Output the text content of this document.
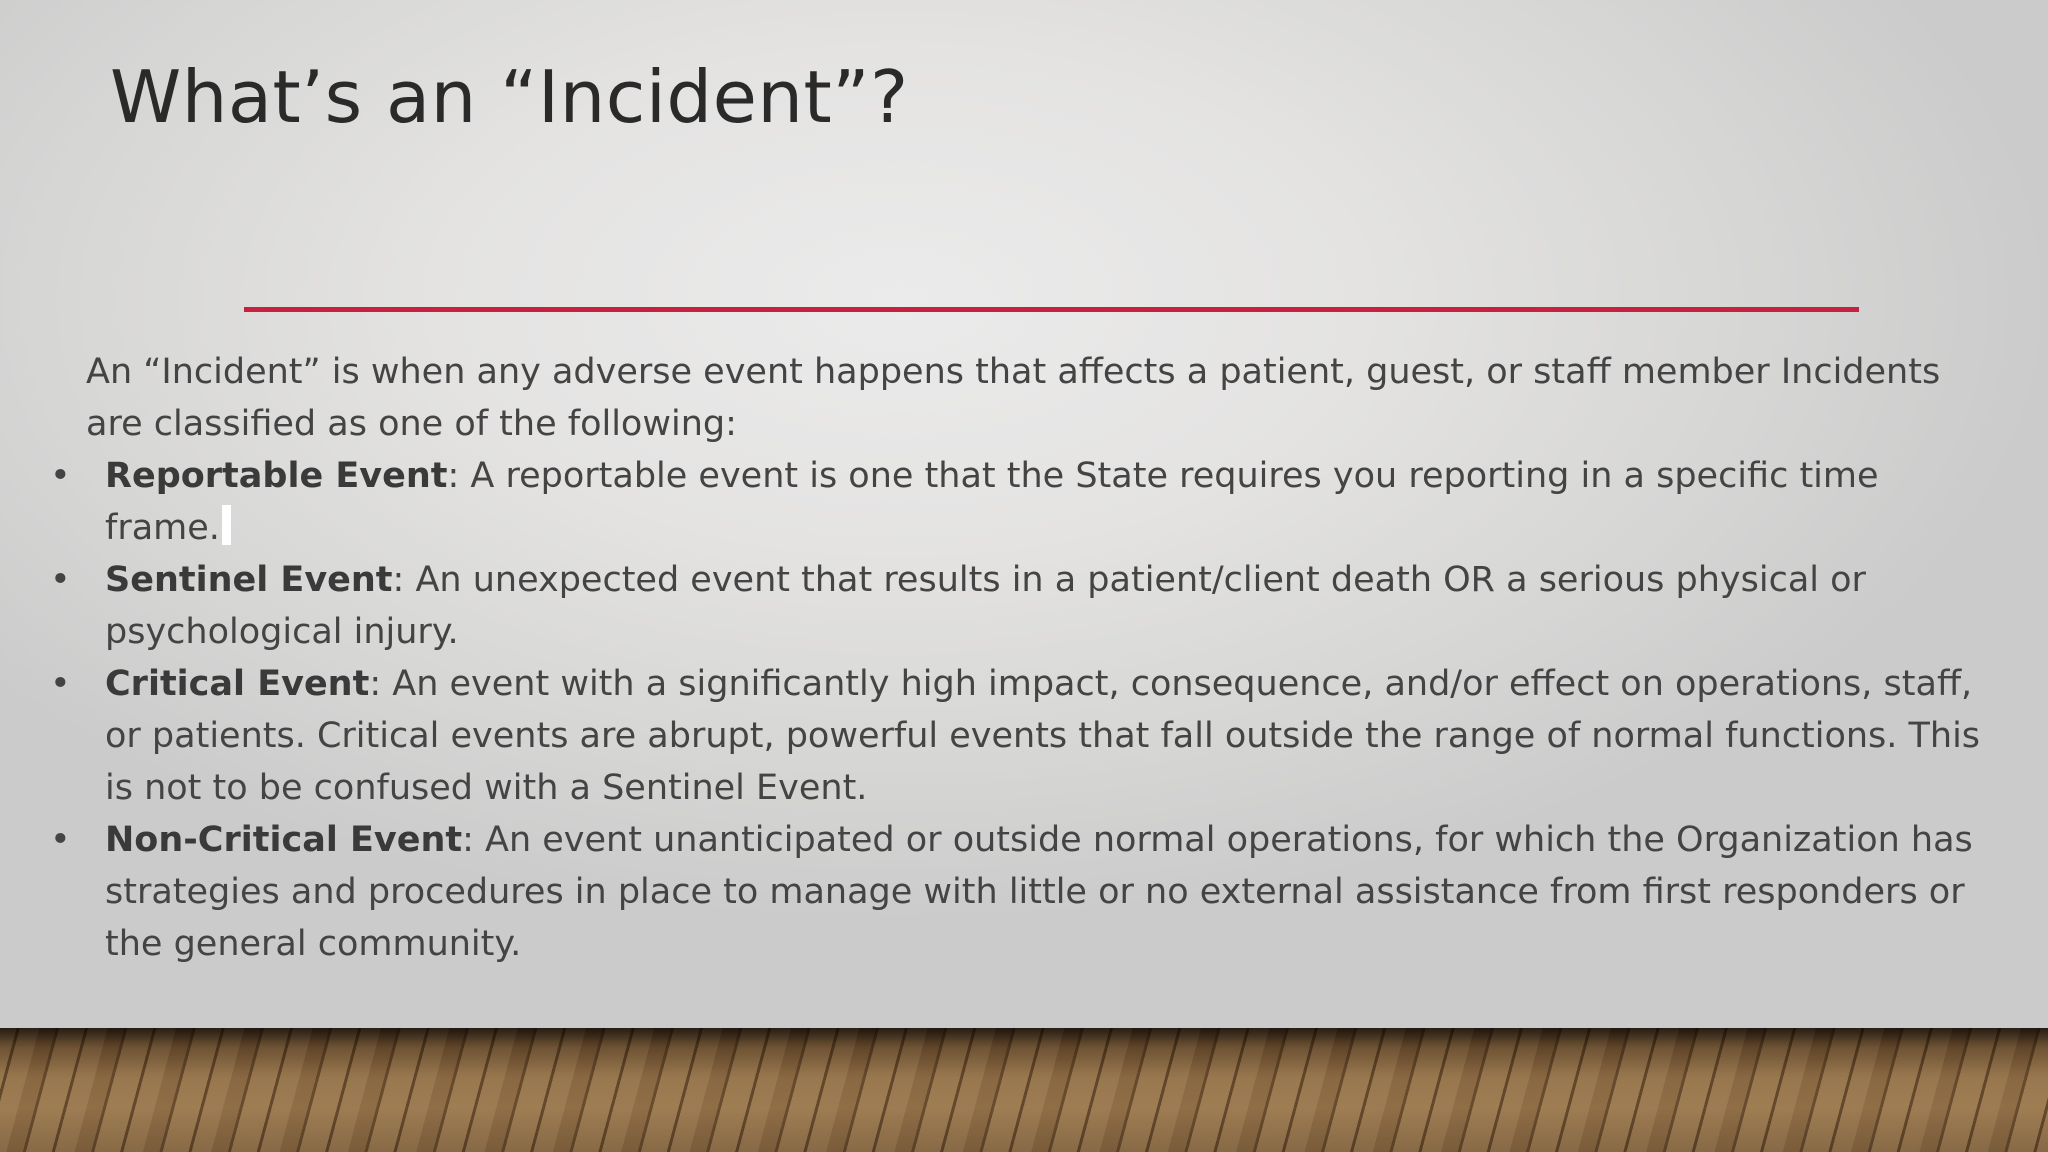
What’s an “Incident”?

An “Incident” is when any adverse event happens that affects a patient, guest, or staff member Incidents are classified as one of the following:

• Reportable Event: A reportable event is one that the State requires you reporting in a specific time frame.
• Sentinel Event: An unexpected event that results in a patient/client death OR a serious physical or psychological injury.
• Critical Event: An event with a significantly high impact, consequence, and/or effect on operations, staff, or patients. Critical events are abrupt, powerful events that fall outside the range of normal functions. This is not to be confused with a Sentinel Event.
• Non-Critical Event: An event unanticipated or outside normal operations, for which the Organization has strategies and procedures in place to manage with little or no external assistance from first responders or the general community.
